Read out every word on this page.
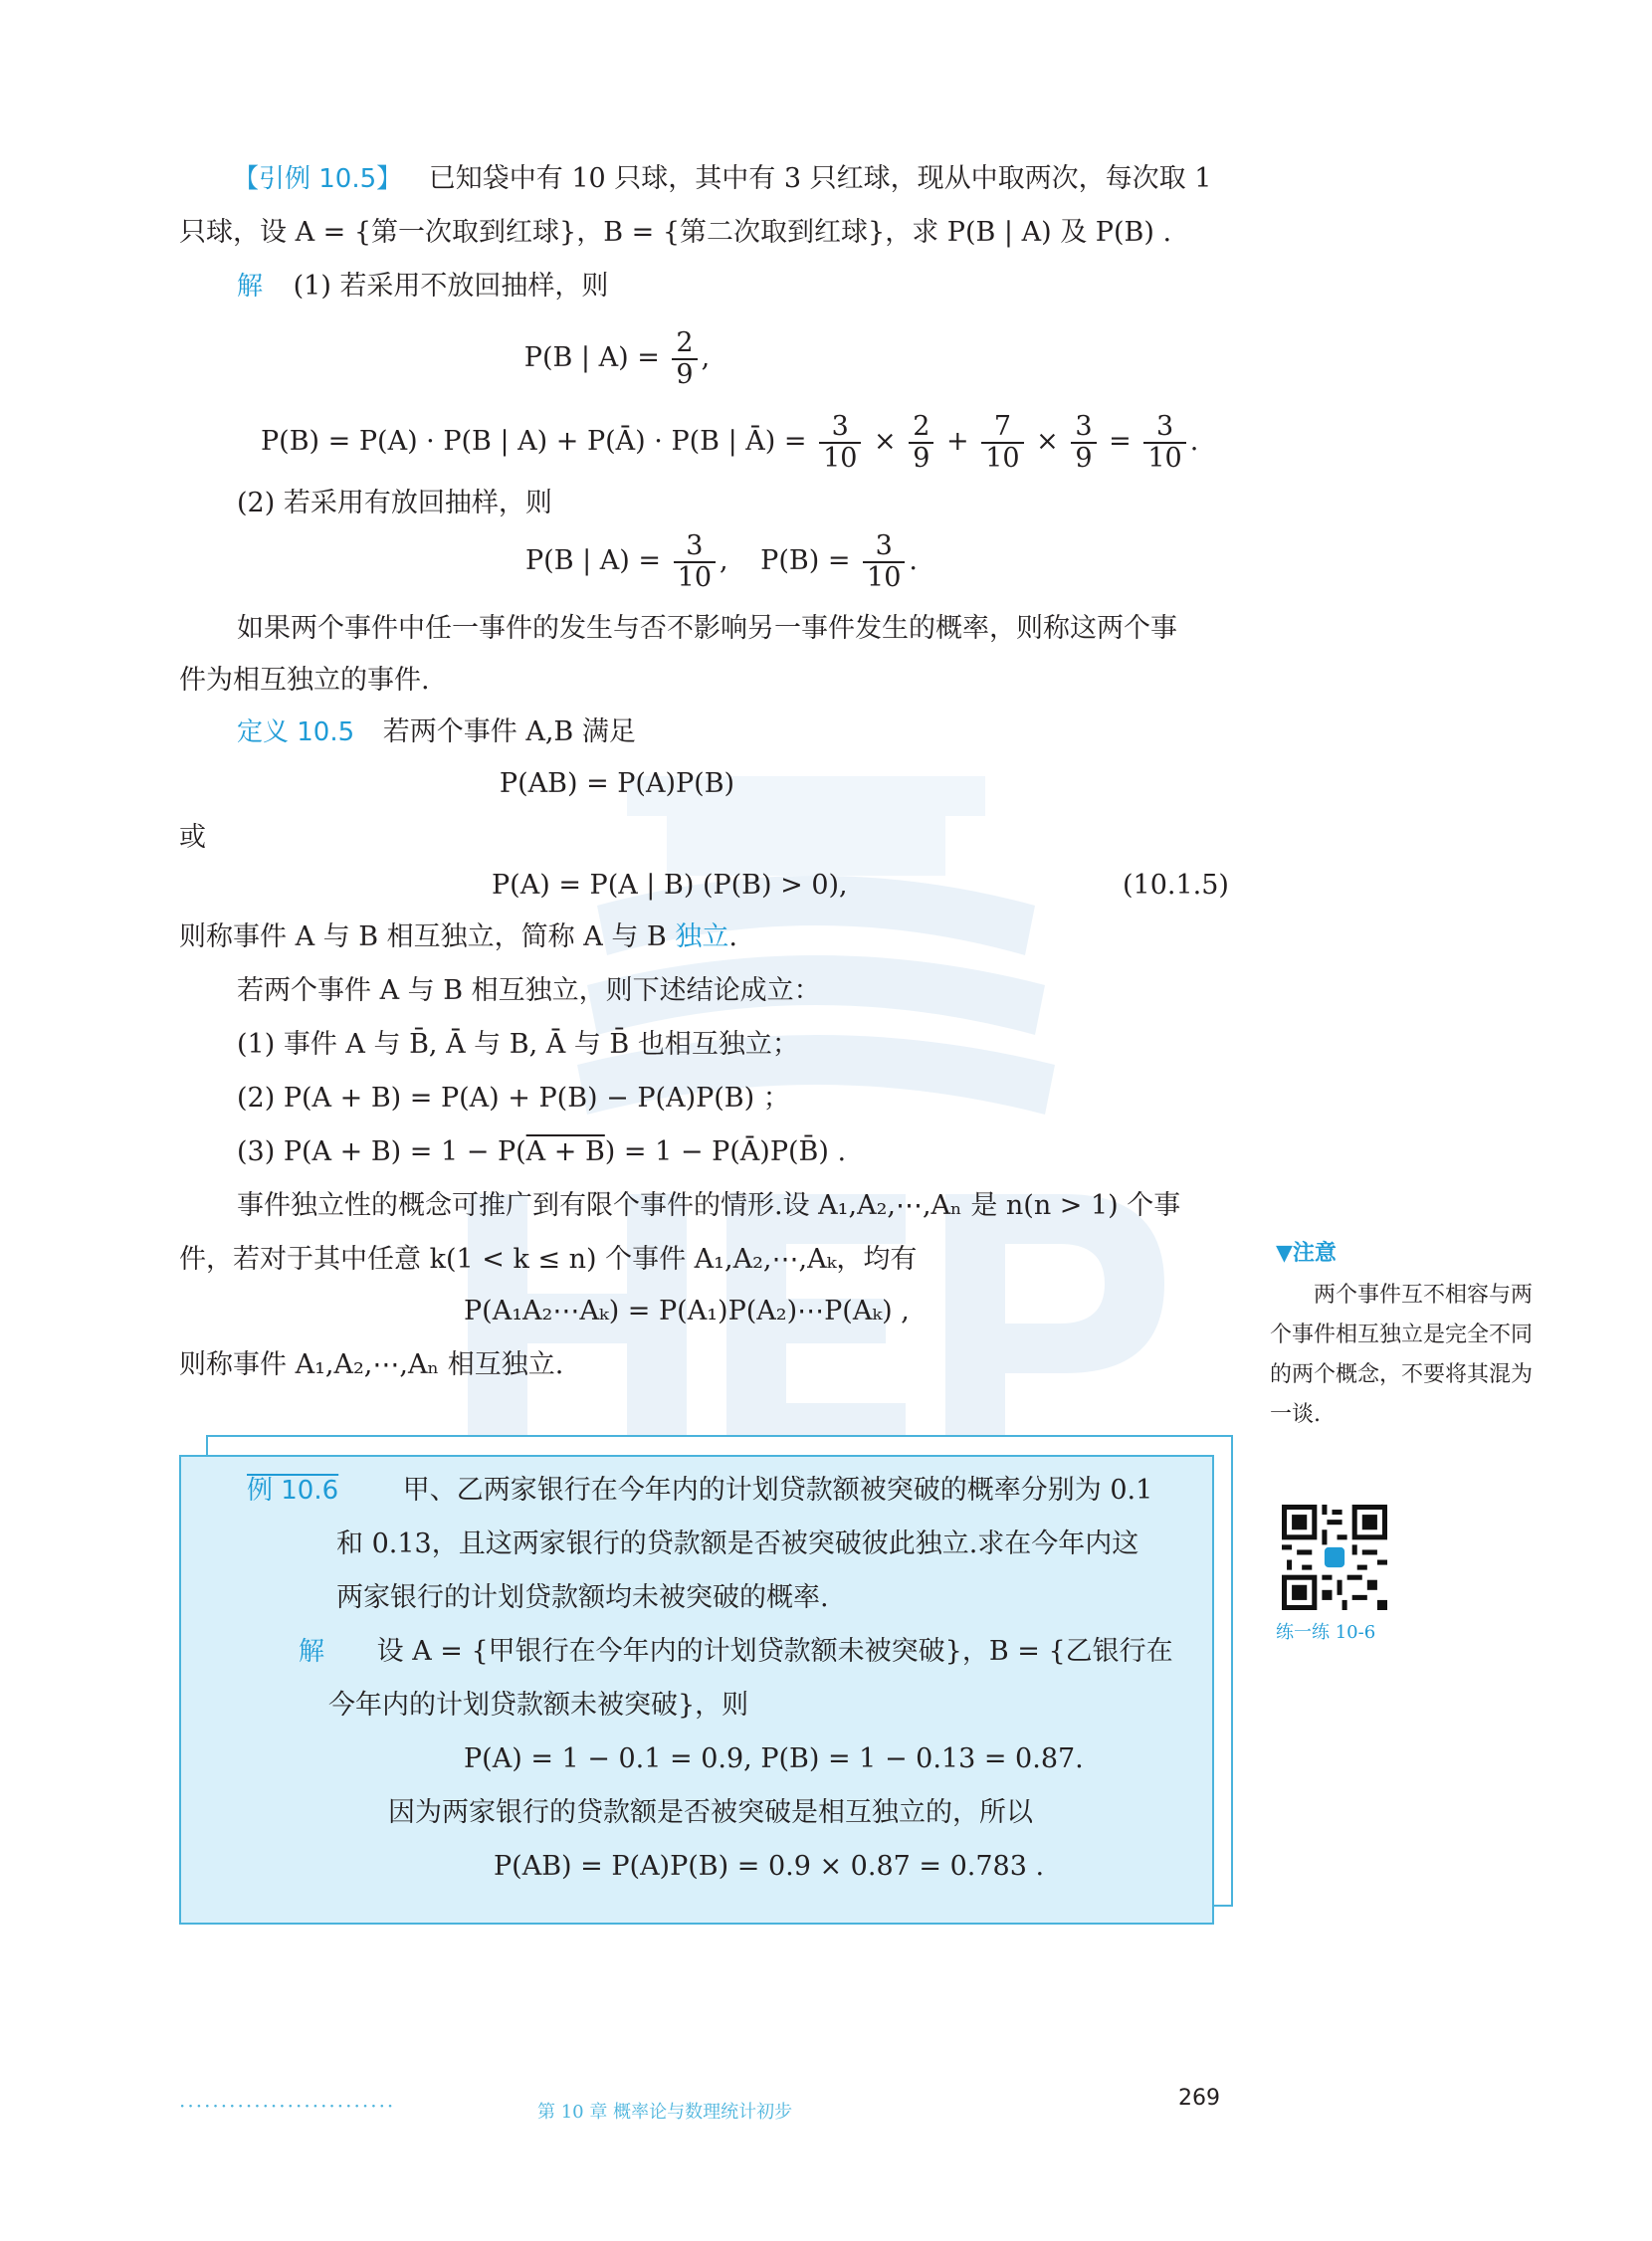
【引例 10.5】 已知袋中有 10 只球，其中有 3 只红球，现从中取两次，每次取 1
只球，设 A = {第一次取到红球}，B = {第二次取到红球}，求 P(B | A) 及 P(B) .
解 (1) 若采用不放回抽样，则
P(B | $A) = \frac{2}{9}$ ,
P(B) = P(A) · P(B | A) + P(Ā) · P(B | Ā) = $\frac{3}{10} \times \frac{2}{9} + \frac{7}{10} \times \frac{3}{9} = \frac{3}{10}$ .
(2) 若采用有放回抽样，则
P(B | $A) = \frac{3}{10}$ , $P(B) = \frac{3}{10}$ .
如果两个事件中任一事件的发生与否不影响另一事件发生的概率，则称这两个事
件为相互独立的事件.
定义 10.5 若两个事件 A,B 满足
P(AB) = P(A)P(B)
或
P(A) = P(A | B) (P(B) > 0),	(10.1.5)
则称事件 A 与 B 相互独立，简称 A 与 B 独立.
若两个事件 A 与 B 相互独立，则下述结论成立：
(1) 事件 A 与 B̄, Ā 与 B, Ā 与 B̄ 也相互独立；
(2) P(A + B) = P(A) + P(B) − P(A)P(B) ；
(3) P(A + B) = 1 − P(A + B) = 1 − P(Ā)P(B̄) .
事件独立性的概念可推广到有限个事件的情形.设 A₁,A₂,⋯,Aₙ 是 n(n > 1) 个事
件，若对于其中任意 k(1 < k ≤ n) 个事件 A₁,A₂,⋯,Aₖ，均有
P(A₁A₂⋯Aₖ) = P(A₁)P(A₂)⋯P(Aₖ) ,
则称事件 A₁,A₂,⋯,Aₙ 相互独立.
▼注意
两个事件互不相容与两个事件相互独立是完全不同的两个概念，不要将其混为一谈.
例 10.6 甲、乙两家银行在今年内的计划贷款额被突破的概率分别为 0.1
和 0.13，且这两家银行的贷款额是否被突破彼此独立.求在今年内这
两家银行的计划贷款额均未被突破的概率.
解 设 A = {甲银行在今年内的计划贷款额未被突破}，B = {乙银行在
今年内的计划贷款额未被突破}，则
P(A) = 1 − 0.1 = 0.9, P(B) = 1 − 0.13 = 0.87.
因为两家银行的贷款额是否被突破是相互独立的，所以
P(AB) = P(A)P(B) = 0.9 × 0.87 = 0.783 .
练一练 10-6
··························	第 10 章 概率论与数理统计初步
269
